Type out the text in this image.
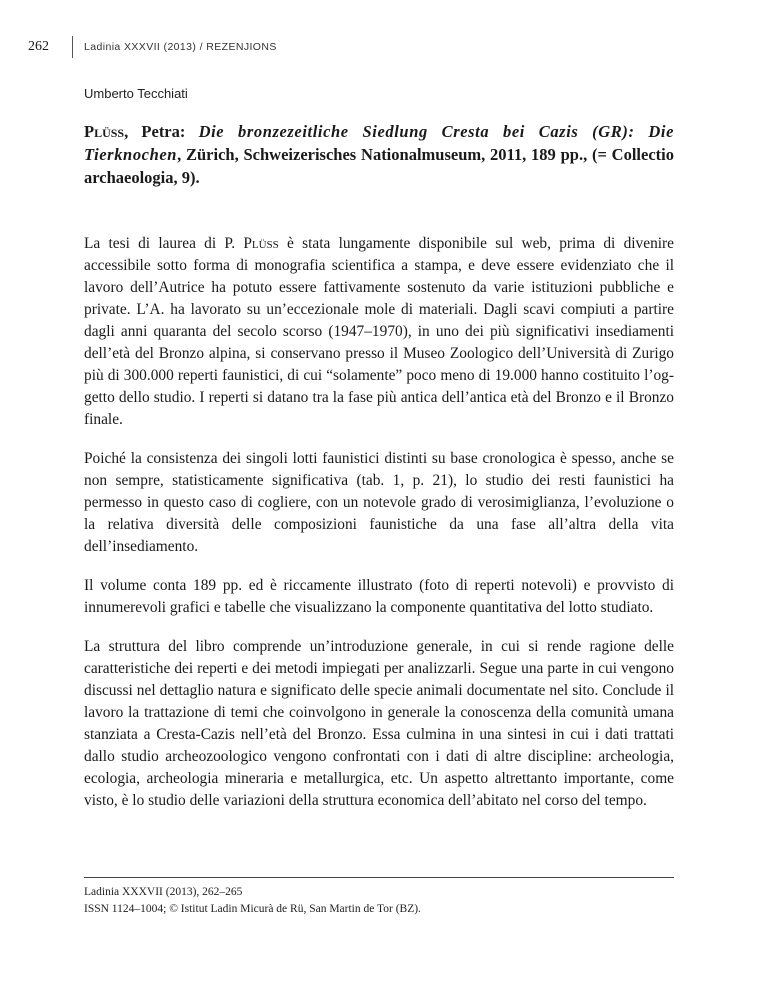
262	Ladinia XXXVII (2013) / REZENJIONS
Umberto Tecchiati
Plüss, Petra: Die bronzezeitliche Siedlung Cresta bei Cazis (GR): Die Tierknochen, Zürich, Schweizerisches Nationalmuseum, 2011, 189 pp., (= Collectio archaeologia, 9).

La tesi di laurea di P. Plüss è stata lungamente disponibile sul web, prima di divenire accessibile sotto forma di monografia scientifica a stampa, e deve essere evidenziato che il lavoro dell’Autrice ha potuto essere fattivamente sostenuto da varie istituzioni pubbliche e private. L’A. ha lavorato su un’eccezionale mole di materiali. Dagli scavi compiuti a partire dagli anni quaranta del secolo scorso (1947–1970), in uno dei più significativi insediamenti dell’età del Bronzo alpina, si conservano presso il Museo Zoologico dell’Università di Zurigo più di 300.000 reperti faunistici, di cui “solamente” poco meno di 19.000 hanno costituito l’oggetto dello studio. I reperti si datano tra la fase più antica dell’antica età del Bronzo e il Bronzo finale.

Poiché la consistenza dei singoli lotti faunistici distinti su base cronologica è spesso, anche se non sempre, statisticamente significativa (tab. 1, p. 21), lo studio dei resti faunistici ha permesso in questo caso di cogliere, con un notevole grado di verosimiglianza, l’evoluzione o la relativa diversità delle composizioni faunistiche da una fase all’altra della vita dell’insediamento.

Il volume conta 189 pp. ed è riccamente illustrato (foto di reperti notevoli) e provvisto di innumerevoli grafici e tabelle che visualizzano la componente quantitativa del lotto studiato.

La struttura del libro comprende un’introduzione generale, in cui si rende ragione delle caratteristiche dei reperti e dei metodi impiegati per analizzarli. Segue una parte in cui vengono discussi nel dettaglio natura e significato delle specie animali documentate nel sito. Conclude il lavoro la trattazione di temi che coinvolgono in generale la conoscenza della comunità umana stanziata a Cresta-Cazis nell’età del Bronzo. Essa culmina in una sintesi in cui i dati trattati dallo studio archeozoologico vengono confrontati con i dati di altre discipline: archeologia, ecologia, archeologia mineraria e metallurgica, etc. Un aspetto altrettanto importante, come visto, è lo studio delle variazioni della struttura economica dell’abitato nel corso del tempo.

Ladinia XXXVII (2013), 262–265
ISSN 1124–1004; © Istitut Ladin Micurà de Rü, San Martin de Tor (BZ).
